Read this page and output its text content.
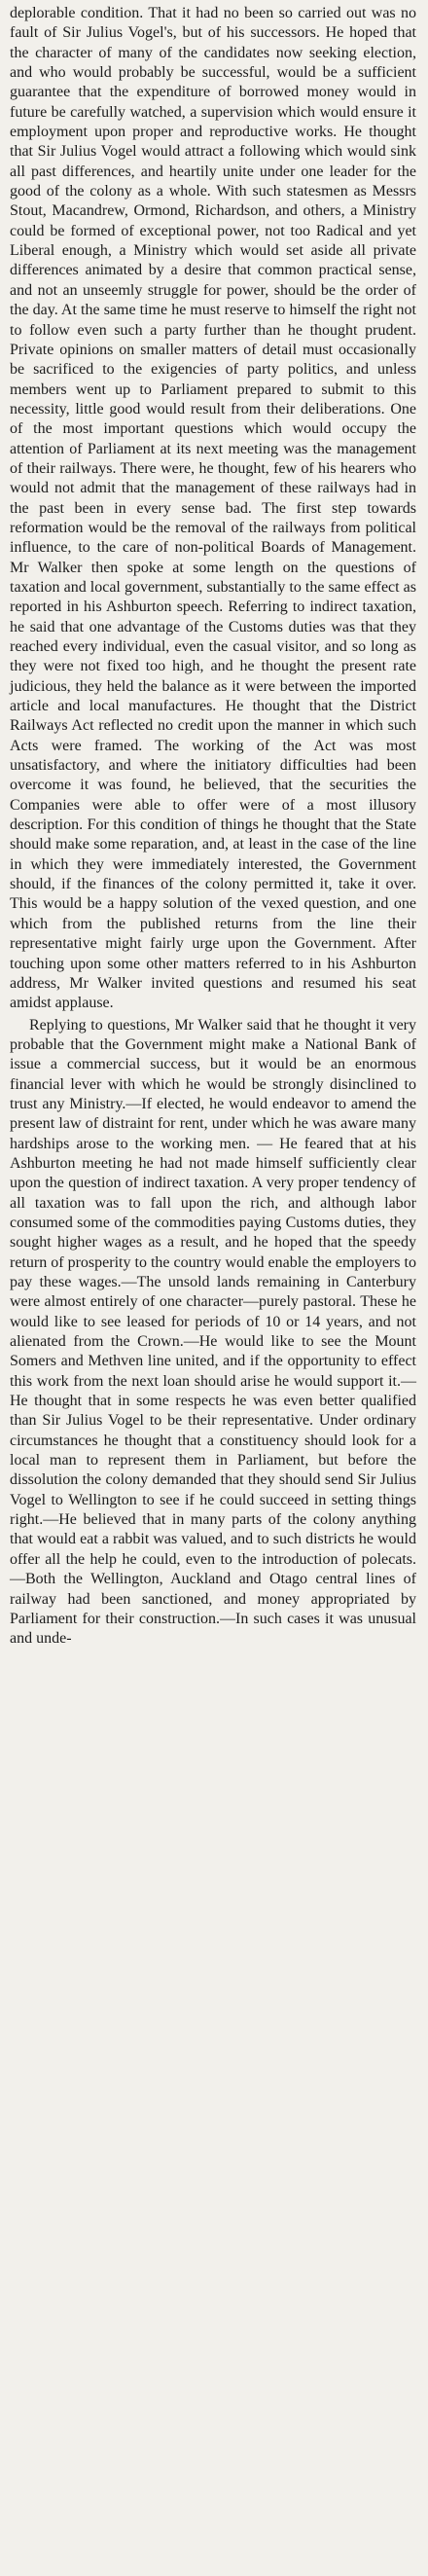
deplorable condition. That it had no been so carried out was no fault of Sir Julius Vogel's, but of his successors. He hoped that the character of many of the candidates now seeking election, and who would probably be successful, would be a sufficient guarantee that the expenditure of borrowed money would in future be carefully watched, a supervision which would ensure it employment upon proper and reproductive works. He thought that Sir Julius Vogel would attract a following which would sink all past differences, and heartily unite under one leader for the good of the colony as a whole. With such statesmen as Messrs Stout, Macandrew, Ormond, Richardson, and others, a Ministry could be formed of exceptional power, not too Radical and yet Liberal enough, a Ministry which would set aside all private differences animated by a desire that common practical sense, and not an unseemly struggle for power, should be the order of the day. At the same time he must reserve to himself the right not to follow even such a party further than he thought prudent. Private opinions on smaller matters of detail must occasionally be sacrificed to the exigencies of party politics, and unless members went up to Parliament prepared to submit to this necessity, little good would result from their deliberations. One of the most important questions which would occupy the attention of Parliament at its next meeting was the management of their railways. There were, he thought, few of his hearers who would not admit that the management of these railways had in the past been in every sense bad. The first step towards reformation would be the removal of the railways from political influence, to the care of non-political Boards of Management. Mr Walker then spoke at some length on the questions of taxation and local government, substantially to the same effect as reported in his Ashburton speech. Referring to indirect taxation, he said that one advantage of the Customs duties was that they reached every individual, even the casual visitor, and so long as they were not fixed too high, and he thought the present rate judicious, they held the balance as it were between the imported article and local manufactures. He thought that the District Railways Act reflected no credit upon the manner in which such Acts were framed. The working of the Act was most unsatisfactory, and where the initiatory difficulties had been overcome it was found, he believed, that the securities the Companies were able to offer were of a most illusory description. For this condition of things he thought that the State should make some reparation, and, at least in the case of the line in which they were immediately interested, the Government should, if the finances of the colony permitted it, take it over. This would be a happy solution of the vexed question, and one which from the published returns from the line their representative might fairly urge upon the Government. After touching upon some other matters referred to in his Ashburton address, Mr Walker invited questions and resumed his seat amidst applause.

Replying to questions, Mr Walker said that he thought it very probable that the Government might make a National Bank of issue a commercial success, but it would be an enormous financial lever with which he would be strongly disinclined to trust any Ministry.—If elected, he would endeavor to amend the present law of distraint for rent, under which he was aware many hardships arose to the working men. — He feared that at his Ashburton meeting he had not made himself sufficiently clear upon the question of indirect taxation. A very proper tendency of all taxation was to fall upon the rich, and although labor consumed some of the commodities paying Customs duties, they sought higher wages as a result, and he hoped that the speedy return of prosperity to the country would enable the employers to pay these wages.—The unsold lands remaining in Canterbury were almost entirely of one character—purely pastoral. These he would like to see leased for periods of 10 or 14 years, and not alienated from the Crown.—He would like to see the Mount Somers and Methven line united, and if the opportunity to effect this work from the next loan should arise he would support it.—He thought that in some respects he was even better qualified than Sir Julius Vogel to be their representative. Under ordinary circumstances he thought that a constituency should look for a local man to represent them in Parliament, but before the dissolution the colony demanded that they should send Sir Julius Vogel to Wellington to see if he could succeed in setting things right.—He believed that in many parts of the colony anything that would eat a rabbit was valued, and to such districts he would offer all the help he could, even to the introduction of polecats.—Both the Wellington, Auckland and Otago central lines of railway had been sanctioned, and money appropriated by Parliament for their construction.—In such cases it was unusual and unde-
